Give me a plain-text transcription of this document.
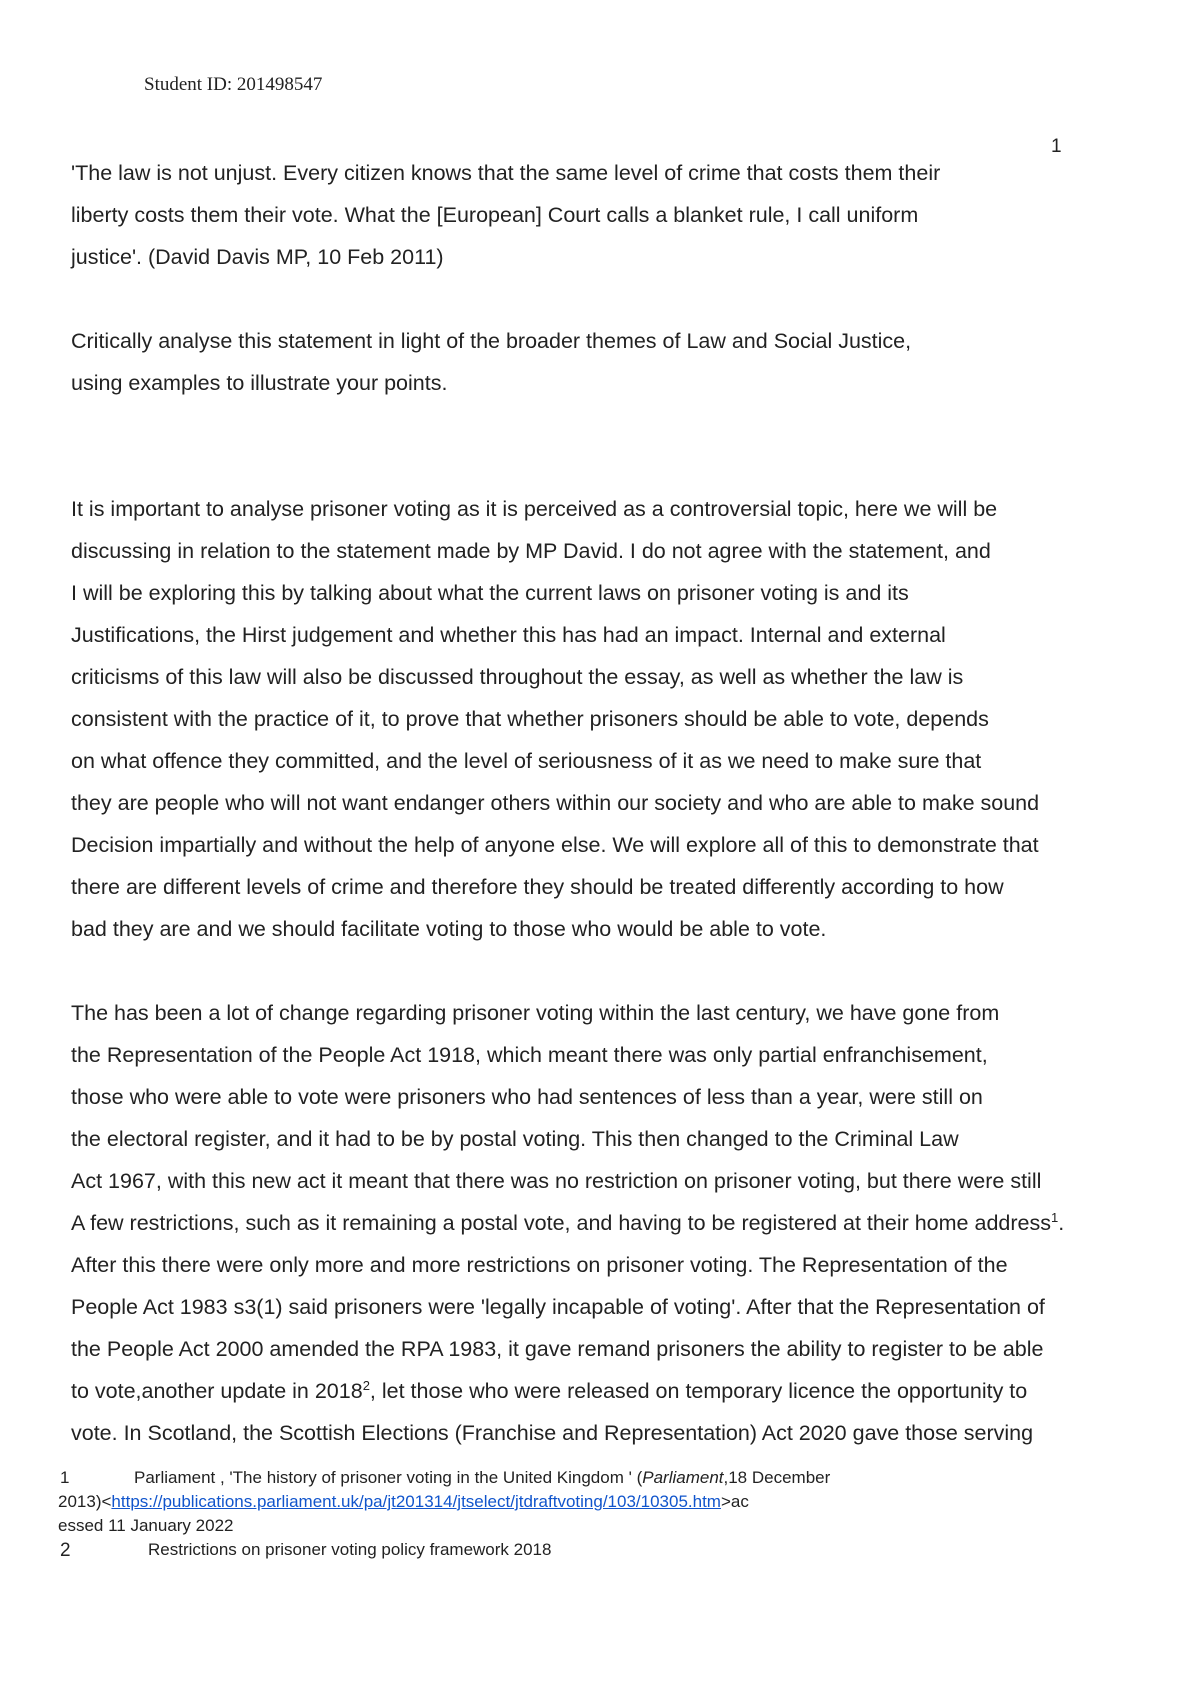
Student ID: 201498547
1
'The law is not unjust. Every citizen knows that the same level of crime that costs them their
liberty costs them their vote. What the [European] Court calls a blanket rule, I call uniform
justice'. (David Davis MP, 10 Feb 2011)
Critically analyse this statement in light of the broader themes of Law and Social Justice,
using examples to illustrate your points.
It is important to analyse prisoner voting as it is perceived as a controversial topic, here we will be
discussing in relation to the statement made by MP David. I do not agree with the statement, and
I will be exploring this by talking about what the current laws on prisoner voting is and its
Justifications, the Hirst judgement and whether this has had an impact. Internal and external
criticisms of this law will also be discussed throughout the essay, as well as whether the law is
consistent with the practice of it, to prove that whether prisoners should be able to vote, depends
on what offence they committed, and the level of seriousness of it as we need to make sure that
they are people who will not want endanger others within our society and who are able to make sound
Decision impartially and without the help of anyone else. We will explore all of this to demonstrate that
there are different levels of crime and therefore they should be treated differently according to how
bad they are and we should facilitate voting to those who would be able to vote.
The has been a lot of change regarding prisoner voting within the last century, we have gone from
the Representation of the People Act 1918, which meant there was only partial enfranchisement,
those who were able to vote were prisoners who had sentences of less than a year, were still on
the electoral register, and it had to be by postal voting. This then changed to the Criminal Law
Act 1967, with this new act it meant that there was no restriction on prisoner voting, but there were still
A few restrictions, such as it remaining a postal vote, and having to be registered at their home address$^1$.
After this there were only more and more restrictions on prisoner voting. The Representation of the
People Act 1983 s3(1) said prisoners were 'legally incapable of voting'. After that the Representation of
the People Act 2000 amended the RPA 1983, it gave remand prisoners the ability to register to be able
to vote,another update in 2018$^2$, let those who were released on temporary licence the opportunity to
vote. In Scotland, the Scottish Elections (Franchise and Representation) Act 2020 gave those serving
1	Parliament , 'The history of prisoner voting in the United Kingdom ' (Parliament,18 December
2013)<https://publications.parliament.uk/pa/jt201314/jtselect/jtdraftvoting/103/10305.htm>ac
essed 11 January 2022
2	Restrictions on prisoner voting policy framework 2018
